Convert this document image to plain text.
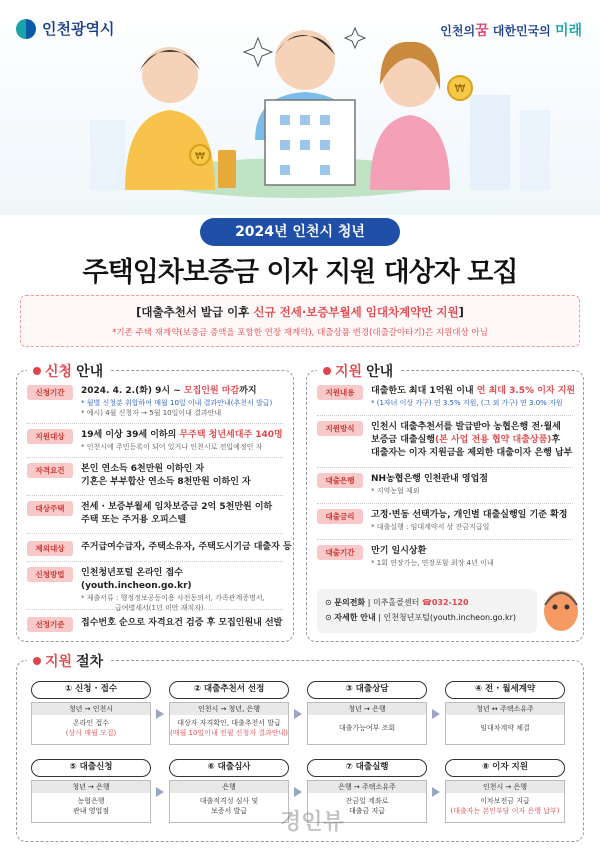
₩
₩
인천광역시	인천의꿈 대한민국의 미래
2024년 인천시 청년
주택임차보증금 이자 지원 대상자 모집
[대출추천서 발급 이후 신규 전세·보증부월세 임대차계약만 지원]
*기존 주택 재계약(보증금 증액을 포함한 연장 재계약), 대출상품 변경(대출갈아타기)은 지원대상 아님
신청 안내
신청기간	2024. 4. 2.(화) 9시 ~ 모집인원 마감까지
* 월별 신청분 취합하여 매월 10일 이내 결과안내(추천서 발급)
* 예시) 4월 신청자 → 5월 10일이내 결과안내
지원대상	19세 이상 39세 이하의 무주택 청년세대주 140명
* 인천시에 주민등록이 되어 있거나 인천시로 전입예정인 자
자격요건	본인 연소득 6천만원 이하인 자
기혼은 부부합산 연소득 8천만원 이하인 자
대상주택	전세 · 보증부월세 임차보증금 2억 5천만원 이하
주택 또는 주거용 오피스텔
제외대상	주거급여수급자, 주택소유자, 주택도시기금 대출자 등
신청방법	인천청년포털 온라인 접수 (youth.incheon.go.kr)
* 제출서류 : 행정정보공동이용 사전동의서, 가족관계증명서,
급여명세서(1년 미만 재직자)
선정기준	접수번호 순으로 자격요건 검증 후 모집인원내 선발
지원 안내
지원내용	대출한도 최대 1억원 이내 연 최대 3.5% 이자 지원
* (1자녀 이상 가구) 연 3.5% 지원, (그 외 가구) 연 3.0% 지원
지원방식	인천시 대출추천서를 발급받아 농협은행 전·월세
보증금 대출실행(본 사업 전용 협약 대출상품)후
대출자는 이자 지원금을 제외한 대출이자 은행 납부
대출은행	NH농협은행 인천관내 영업점
* 지역농협 제외
대출금리	고정·변동 선택가능, 개인별 대출실행일 기준 확정
* 대출실행 : 임대계약서 상 잔금지급일
대출기간	만기 일시상환
* 1회 연장가능, 연장포함 최장 4년 이내
⊙ 문의전화 | 미추홀콜센터 ☎032-120
⊙ 자세한 안내 | 인천청년포털(youth.incheon.go.kr)
지원 절차
① 신청 · 접수
청년 → 인천시
온라인 접수
(상시 매월 모집)
② 대출추천서 선정
인천시 → 청년, 은행
대상자 자격확인, 대출추천서 발급
(매월 10일이내 전월 신청자 결과안내)
③ 대출상담
청년 → 은행
대출가능여부 조회
④ 전 · 월세계약
청년 ↔ 주택소유주
임대차계약 체결
⑤ 대출신청
청년 → 은행
농협은행
관내 영업점
⑥ 대출심사
은행
대출적격성 심사 및
보증서 발급
⑦ 대출실행
은행 → 주택소유주
잔금일 계좌로
대출금 지급
⑧ 이자 지원
인천시 → 은행
이차보전금 지급
(대출자는 본인부담 이자 은행 납부)
경인뷰
